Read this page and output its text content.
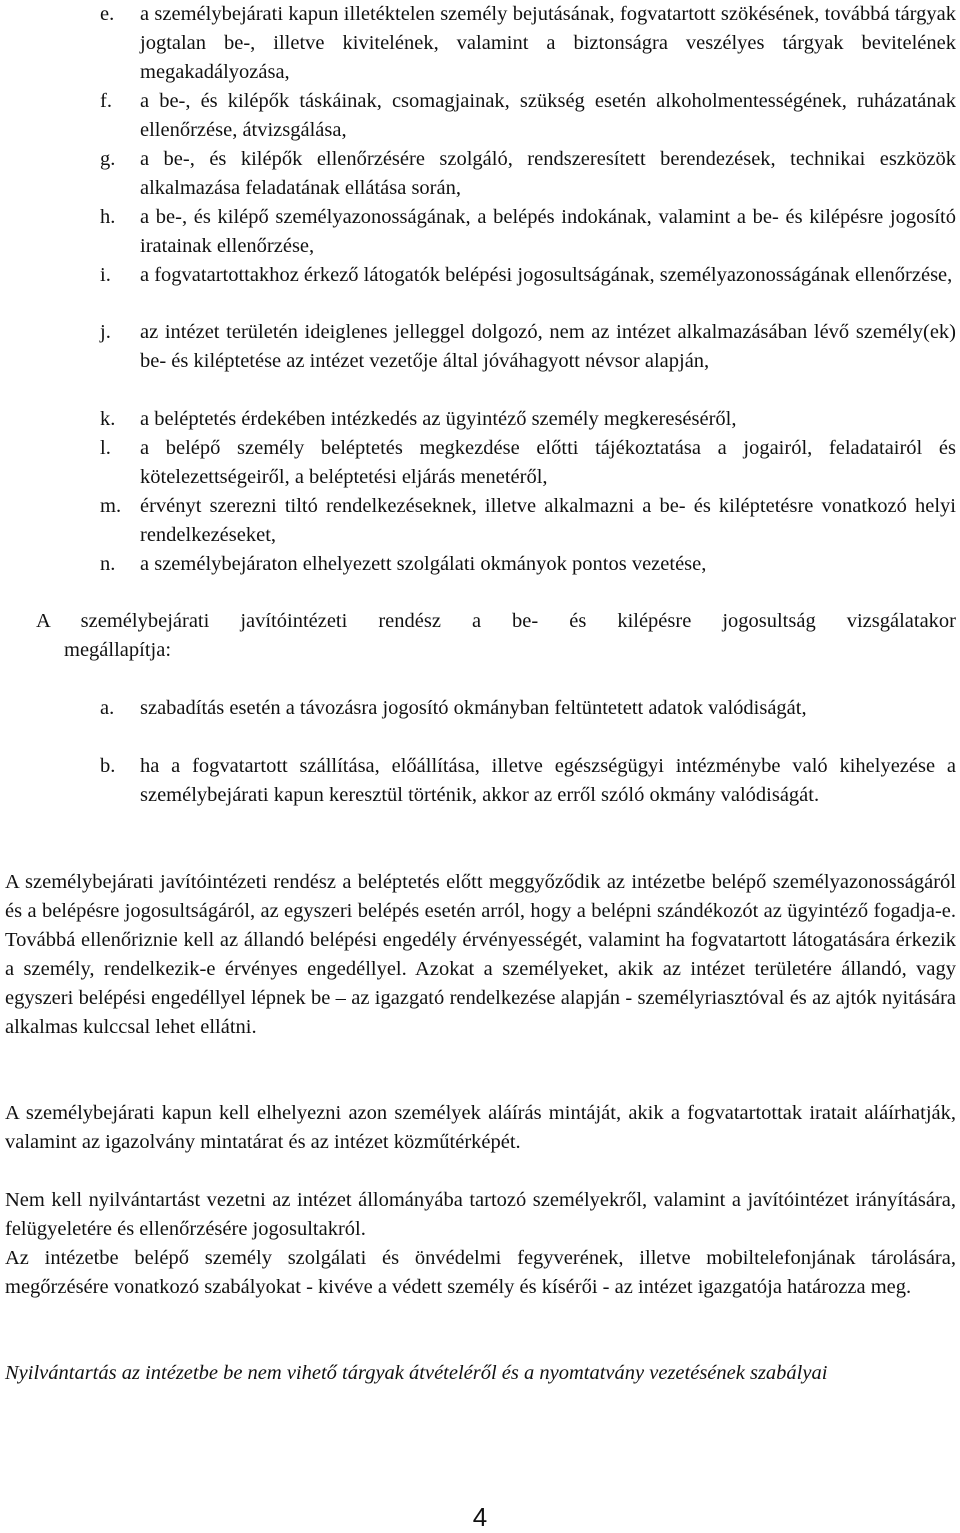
e.	a személybejárati kapun illetéktelen személy bejutásának, fogvatartott szökésének, továbbá tárgyak jogtalan be-, illetve kivitelének, valamint a biztonságra veszélyes tárgyak bevitelének megakadályozása,
f.	a be-, és kilépők táskáinak, csomagjainak, szükség esetén alkoholmentességének, ruházatának ellenőrzése, átvizsgálása,
g.	a be-, és kilépők ellenőrzésére szolgáló, rendszeresített berendezések, technikai eszközök alkalmazása feladatának ellátása során,
h.	a be-, és kilépő személyazonosságának, a belépés indokának, valamint a be- és kilépésre jogosító iratainak ellenőrzése,
i.	a fogvatartottakhoz érkező látogatók belépési jogosultságának, személyazonosságának ellenőrzése,
j.	az intézet területén ideiglenes jelleggel dolgozó, nem az intézet alkalmazásában lévő személy(ek) be- és kiléptetése az intézet vezetője által jóváhagyott névsor alapján,
k.	a beléptetés érdekében intézkedés az ügyintéző személy megkereséséről,
l.	a belépő személy beléptetés megkezdése előtti tájékoztatása a jogairól, feladatairól és kötelezettségeiről, a beléptetési eljárás menetéről,
m. érvényt szerezni tiltó rendelkezéseknek, illetve alkalmazni a be- és kiléptetésre vonatkozó helyi rendelkezéseket,
n.	a személybejáraton elhelyezett szolgálati okmányok pontos vezetése,
A személybejárati javítóintézeti rendész a be- és kilépésre jogosultság vizsgálatakor
megállapítja:
a.	szabadítás esetén a távozásra jogosító okmányban feltüntetett adatok valódiságát,
b.	ha a fogvatartott szállítása, előállítása, illetve egészségügyi intézménybe való kihelyezése a személybejárati kapun keresztül történik, akkor az erről szóló okmány valódiságát.
A személybejárati javítóintézeti rendész a beléptetés előtt meggyőződik az intézetbe belépő személyazonosságáról és a belépésre jogosultságáról, az egyszeri belépés esetén arról, hogy a belépni szándékozót az ügyintéző fogadja-e. Továbbá ellenőriznie kell az állandó belépési engedély érvényességét, valamint ha fogvatartott látogatására érkezik a személy, rendelkezik-e érvényes engedéllyel. Azokat a személyeket, akik az intézet területére állandó, vagy egyszeri belépési engedéllyel lépnek be – az igazgató rendelkezése alapján - személyriasztóval és az ajtók nyitására alkalmas kulccsal lehet ellátni.
A személybejárati kapun kell elhelyezni azon személyek aláírás mintáját, akik a fogvatartottak iratait aláírhatják, valamint az igazolvány mintatárat és az intézet közműtérképét.
Nem kell nyilvántartást vezetni az intézet állományába tartozó személyekről, valamint a javítóintézet irányítására, felügyeletére és ellenőrzésére jogosultakról.
Az intézetbe belépő személy szolgálati és önvédelmi fegyverének, illetve mobiltelefonjának tárolására, megőrzésére vonatkozó szabályokat - kivéve a védett személy és kísérői - az intézet igazgatója határozza meg.
Nyilvántartás az intézetbe be nem vihető tárgyak átvételéről és a nyomtatvány vezetésének szabályai
4
